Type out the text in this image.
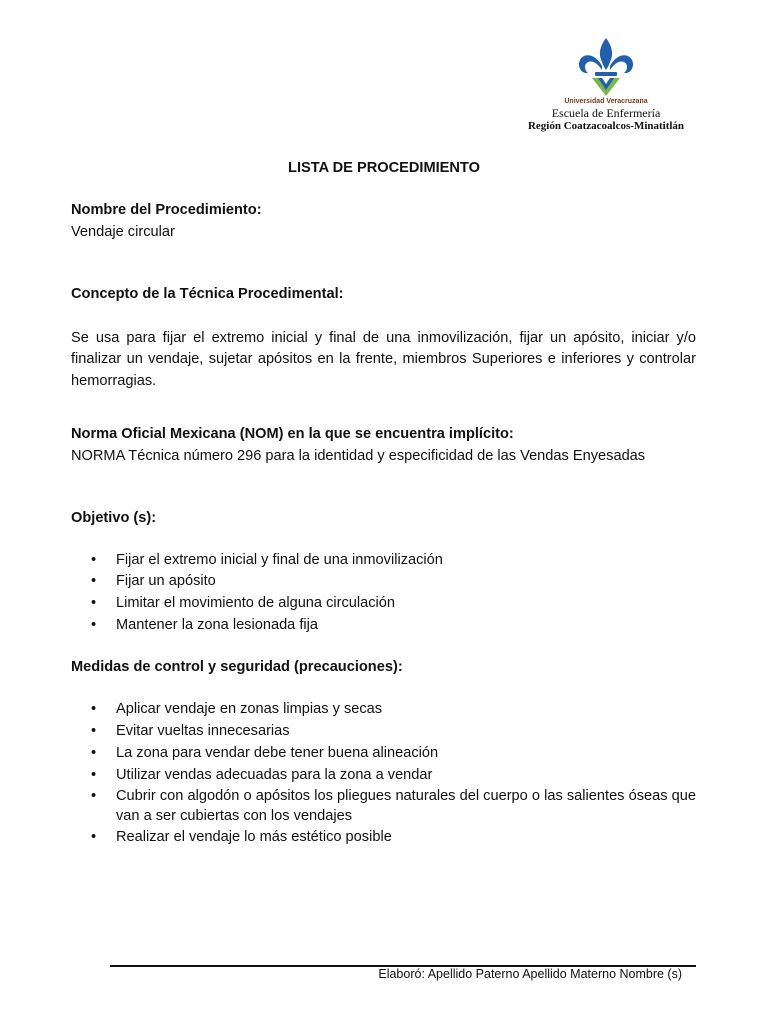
Universidad Veracruzana
Escuela de Enfermería
Región Coatzacoalcos-Minatitlán
LISTA DE PROCEDIMIENTO

Nombre del Procedimiento:

Vendaje circular

Concepto de la Técnica Procedimental:

Se usa para fijar el extremo inicial y final de una inmovilización, fijar un apósito, iniciar y/o finalizar un vendaje, sujetar apósitos en la frente, miembros Superiores e inferiores y controlar hemorragias.

Norma Oficial Mexicana (NOM) en la que se encuentra implícito:

NORMA Técnica número 296 para la identidad y especificidad de las Vendas Enyesadas

Objetivo (s):

• Fijar el extremo inicial y final de una inmovilización
• Fijar un apósito
• Limitar el movimiento de alguna circulación
• Mantener la zona lesionada fija

Medidas de control y seguridad (precauciones):

• Aplicar vendaje en zonas limpias y secas
• Evitar vueltas innecesarias
• La zona para vendar debe tener buena alineación
• Utilizar vendas adecuadas para la zona a vendar
• Cubrir con algodón o apósitos los pliegues naturales del cuerpo o las salientes óseas que van a ser cubiertas con los vendajes
• Realizar el vendaje lo más estético posible
Elaboró: Apellido Paterno Apellido Materno Nombre (s)
